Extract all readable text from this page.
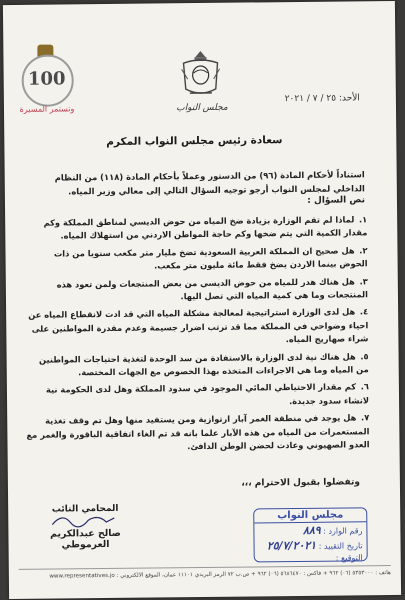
100
وتستمر المسيرة	مجلس النواب
الأحد: ٢٥ / ٧ / ٢٠٢١
سعادة رئيس مجلس النواب المكرم
استناداً لأحكام المادة (٩٦) من الدستور وعملاً بأحكام المادة (١١٨) من النظام الداخلي لمجلس النواب أرجو توجيه السؤال التالي إلى معالي وزير المياه.
نص السؤال :
١. لماذا لم تقم الوزارة بزيادة ضخ المياه من حوض الديسي لمناطق المملكة وكم مقدار الكمية التي يتم ضخها وكم حاجة المواطن الاردني من استهلاك المياه.
٢. هل صحيح ان المملكة العربية السعودية تضخ مليار متر مكعب سنويا من ذات الحوض بينما الاردن يضخ فقط مائة مليون متر مكعب.
٣. هل هناك هدر للمياه من حوض الديسي من بعض المنتجعات ولمن تعود هذه المنتجعات وما هي كمية المياه التي تصل اليها.
٤. هل لدى الوزارة استراتيجية لمعالجة مشكلة المياه التي قد ادت لانقطاع المياه عن احياء وضواحي في المملكة مما قد ترتب اضرار جسيمة وعدم مقدرة المواطنين على شراء صهاريج المياه.
٥. هل هناك نية لدى الوزارة بالاستفادة من سد الوحدة لتغذية احتياجات المواطنين من المياه وما هي الاجراءات المتخذه بهذا الخصوص مع الجهات المختصة.
٦. كم مقدار الاحتياطي المائي الموجود في سدود المملكة وهل لدى الحكومة نية لانشاء سدود جديدة.
٧. هل يوجد في منطقة الغمر آبار ارتوازية ومن يستفيد منها وهل تم وقف تغذية المستعمرات من المياه من هذه الآبار علما بانه قد تم الغاء اتفاقية الباقورة والغمر مع العدو الصهيوني وعادت لحضن الوطن الدافئ.
وتفضلوا بقبول الاحترام ،،،
المحامي النائب
صالح عبدالكريم العرموطي
مجلس النواب
رقم الوارد : ٨٨٩
تاريخ التقييد : ٢٥/٧/٢٠٢١
التوقيع :
هاتف : ٥٣٥٣٠٠٠ (٠٦) ٩٦٢ + فاكس : ٥٦٨٦٤٧٠ (٠٦) ٩٦٢ + ص.ب ٧٢ الرمز البريدي ١١١٠١ عمان، الموقع الالكتروني : www.representatives.jo
